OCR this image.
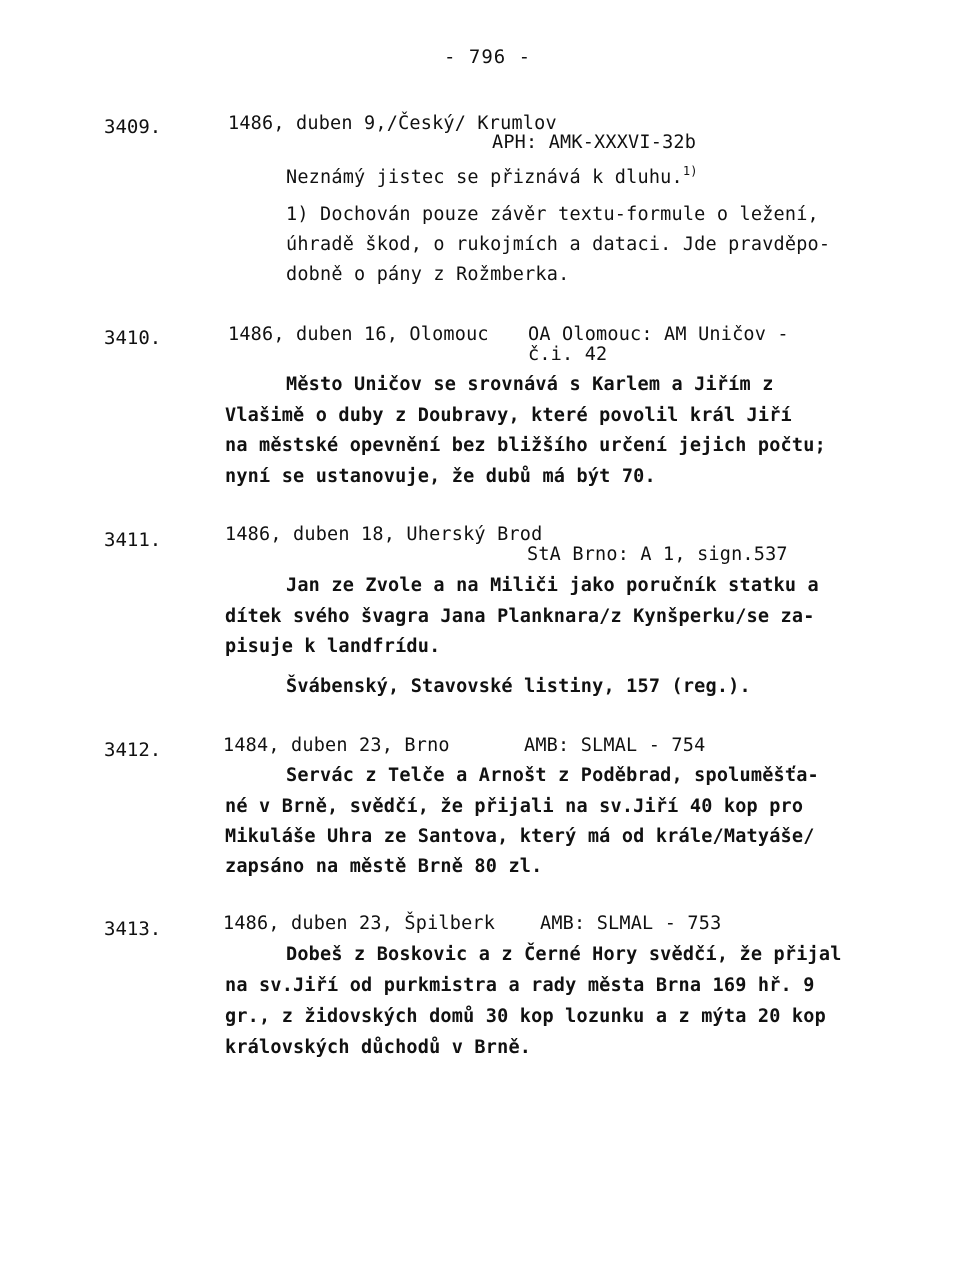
- 796 -
3409.	1486, duben 9,/Český/ Krumlov
APH: AMK-XXXVI-32b
Neznámý jistec se přiznává k dluhu.$^{1)}$
1) Dochován pouze závěr textu-formule o ležení,
úhradě škod, o rukojmích a dataci. Jde pravděpo-
dobně o pány z Rožmberka.
3410.	1486, duben 16, Olomouc OA Olomouc: AM Uničov -
č.i. 42
Město Uničov se srovnává s Karlem a Jiřím z
Vlašimě o duby z Doubravy, které povolil král Jiří
na městské opevnění bez bližšího určení jejich počtu;
nyní se ustanovuje, že dubů má být 70.
3411.	1486, duben 18, Uherský Brod
StA Brno: A 1, sign.537
Jan ze Zvole a na Miliči jako poručník statku a
dítek svého švagra Jana Planknara/z Kynšperku/se za-
pisuje k landfrídu.
Švábenský, Stavovské listiny, 157 (reg.).
3412.	1484, duben 23, Brno	AMB: SLMAL - 754
Servác z Telče a Arnošt z Poděbrad, spoluměšťa-
né v Brně, svědčí, že přijali na sv.Jiří 40 kop pro
Mikuláše Uhra ze Santova, který má od krále/Matyáše/
zapsáno na městě Brně 80 zl.
3413.	1486, duben 23, Špilberk AMB: SLMAL - 753
Dobeš z Boskovic a z Černé Hory svědčí, že přijal
na sv.Jiří od purkmistra a rady města Brna 169 hř. 9
gr., z židovských domů 30 kop lozunku a z mýta 20 kop
královských důchodů v Brně.
